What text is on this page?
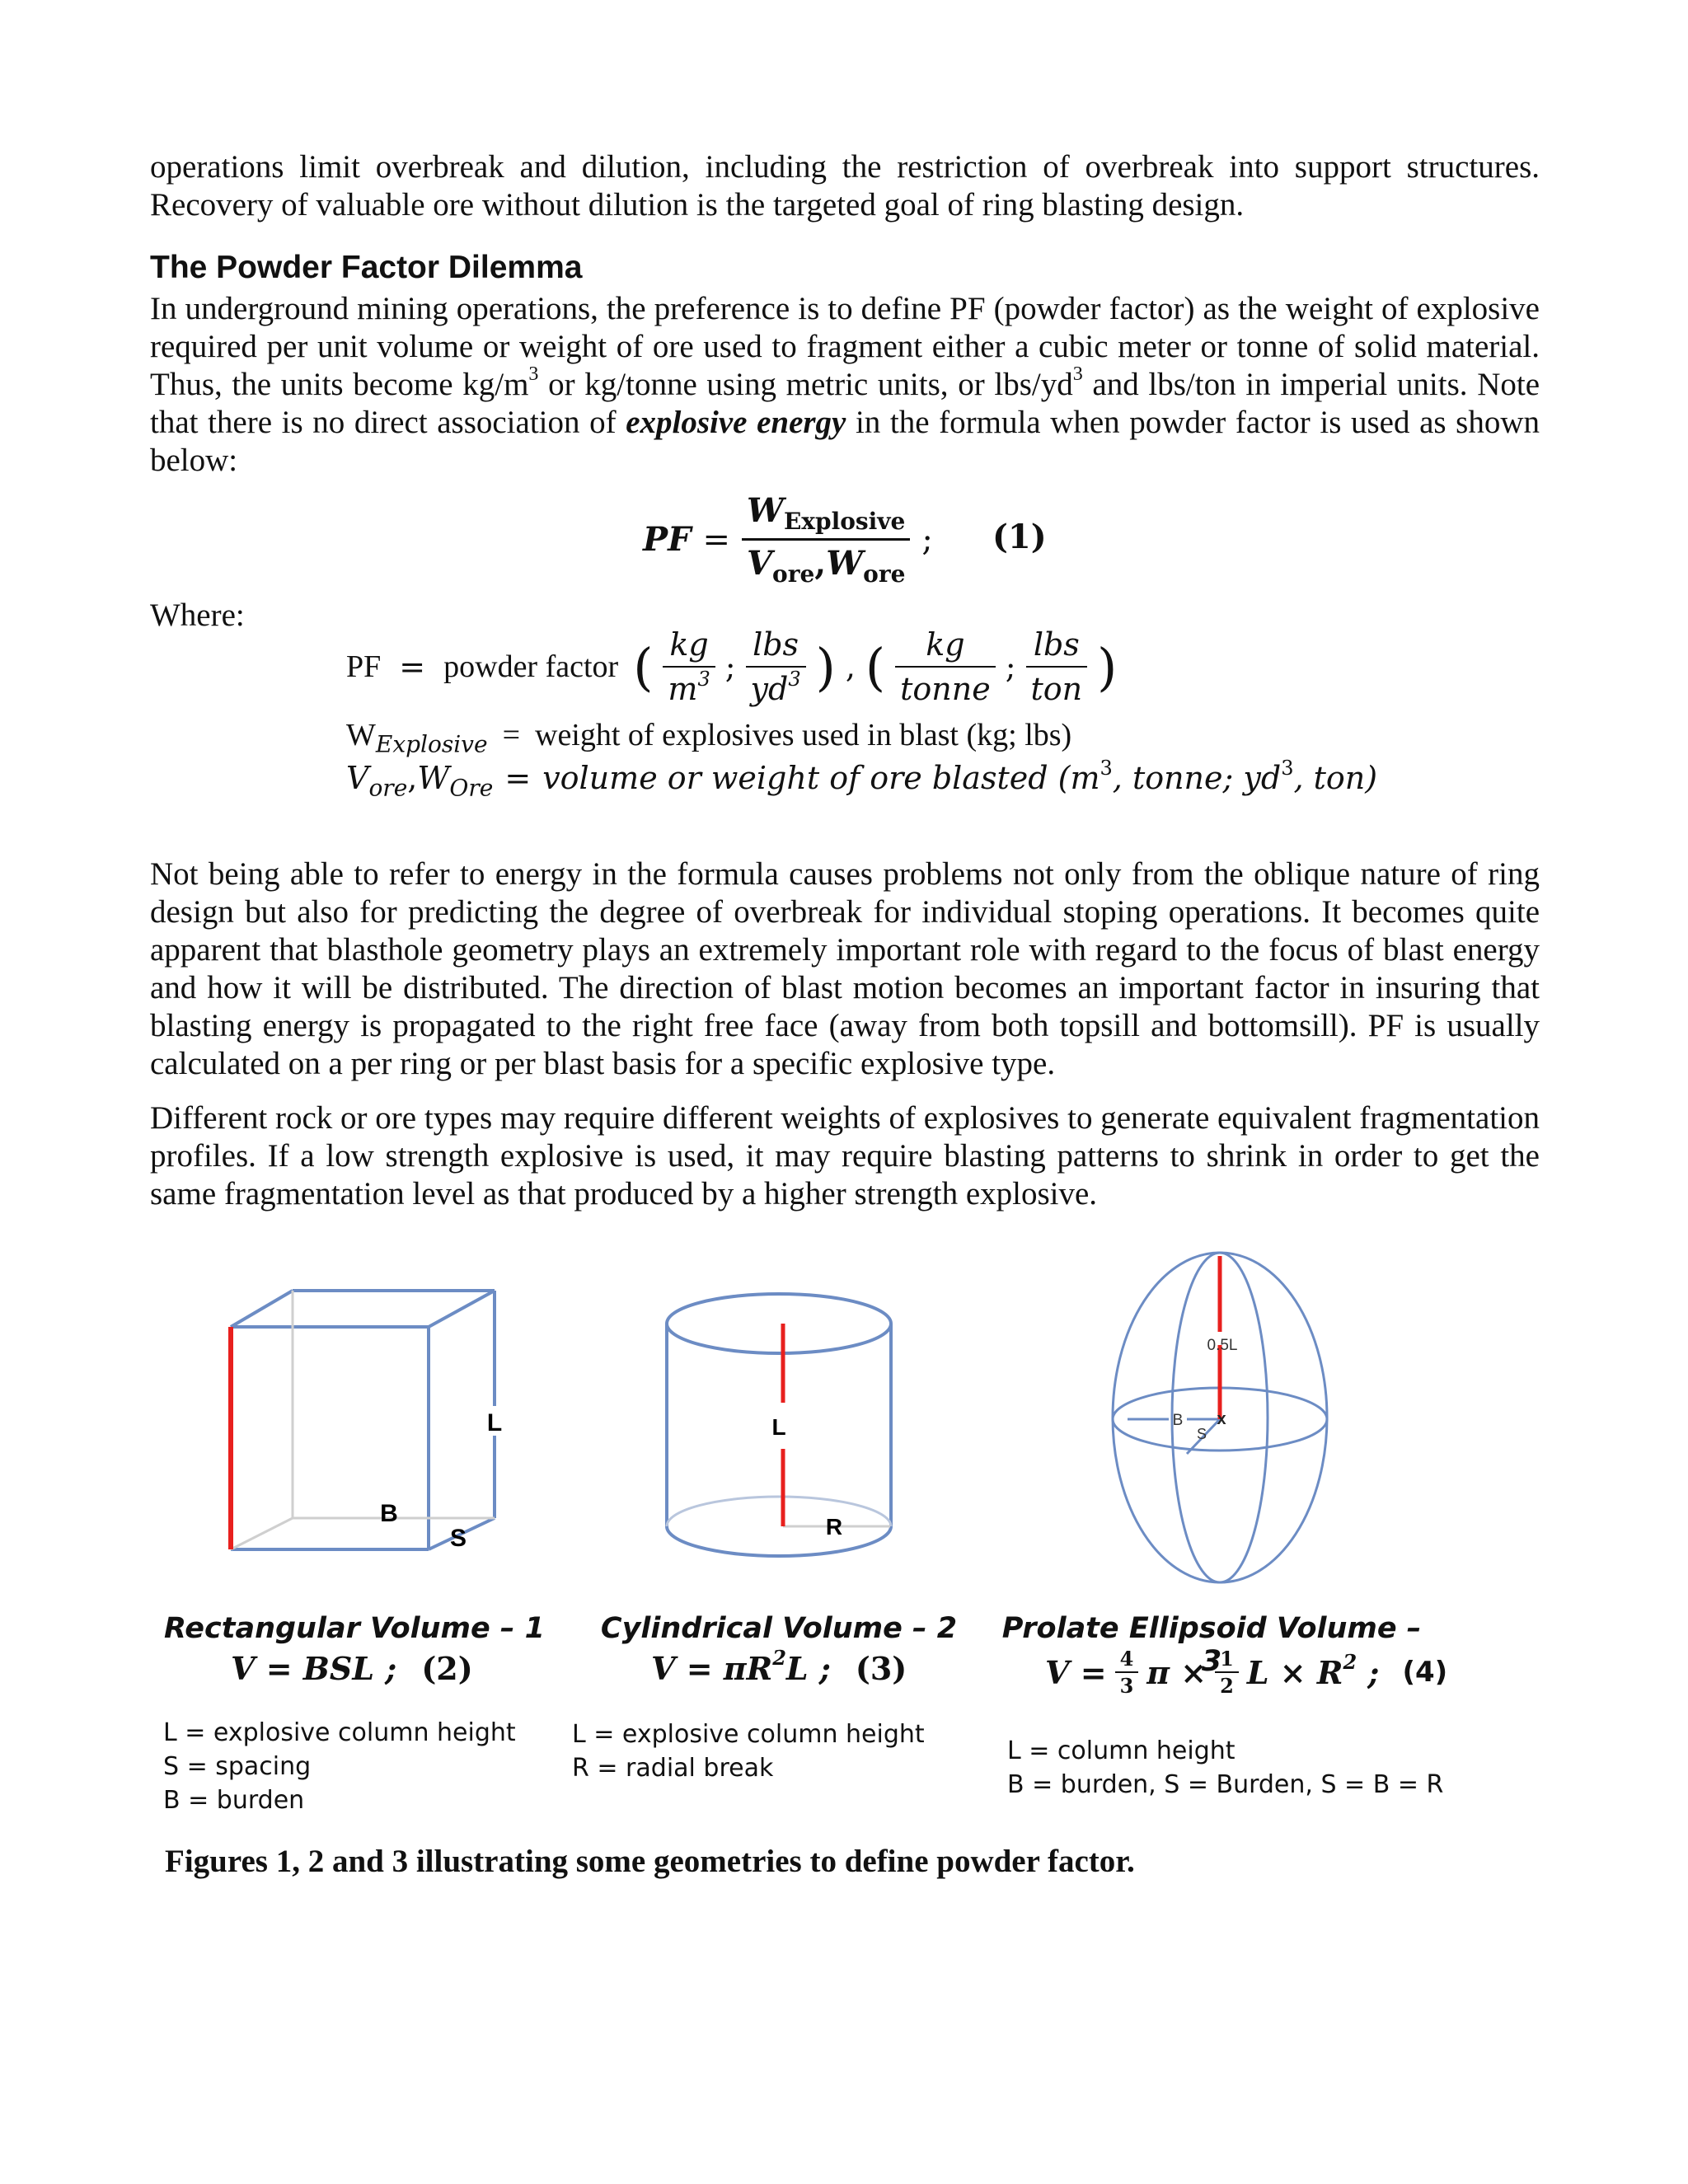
operations limit overbreak and dilution, including the restriction of overbreak into support structures. Recovery of valuable ore without dilution is the targeted goal of ring blasting design.
The Powder Factor Dilemma
In underground mining operations, the preference is to define PF (powder factor) as the weight of explosive required per unit volume or weight of ore used to fragment either a cubic meter or tonne of solid material. Thus, the units become $kg/m^3$ or kg/tonne using metric units, or lbs/$yd^3$ and lbs/ton in imperial units. Note that there is no direct association of explosive energy in the formula when powder factor is used as shown below:
PF = $\frac{W_{Explosive}}{V_{ore},W_{ore}}$ ; (1)
Where:
PF = powder factor ( $\frac{kg}{m^3}$ ; $\frac{\text{lbs}}{yd^3}$ ) , ( $\frac{kg}{\text{tonne}}$ ; $\frac{\text{lbs}}{\text{ton}}$ )
$W_{Explosive}$ = weight of explosives used in blast (kg; lbs)
$V_{ore},W_{Ore}$ = volume or weight of ore blasted ($m^3$, tonne; $yd^3$, ton)
Not being able to refer to energy in the formula causes problems not only from the oblique nature of ring design but also for predicting the degree of overbreak for individual stoping operations. It becomes quite apparent that blasthole geometry plays an extremely important role with regard to the focus of blast energy and how it will be distributed. The direction of blast motion becomes an important factor in insuring that blasting energy is propagated to the right free face (away from both topsill and bottomsill). PF is usually calculated on a per ring or per blast basis for a specific explosive type.
Different rock or ore types may require different weights of explosives to generate equivalent fragmentation profiles. If a low strength explosive is used, it may require blasting patterns to shrink in order to get the same fragmentation level as that produced by a higher strength explosive.
L
B
S
L
R
0.5L
B
S
x
Rectangular Volume – 1
V = BSL ; (2)
L = explosive column height
S = spacing
B = burden
Cylindrical Volume – 2
$V = \pi R^2L$ ; (3)
L = explosive column height
R = radial break
Prolate Ellipsoid Volume – 3
$V = \frac{4}{3}$ $\pi \times \frac{1}{2}$ $L \times R^2$ ; (4)
L = column height
B = burden, S = Burden, S = B = R
Figures 1, 2 and 3 illustrating some geometries to define powder factor.
